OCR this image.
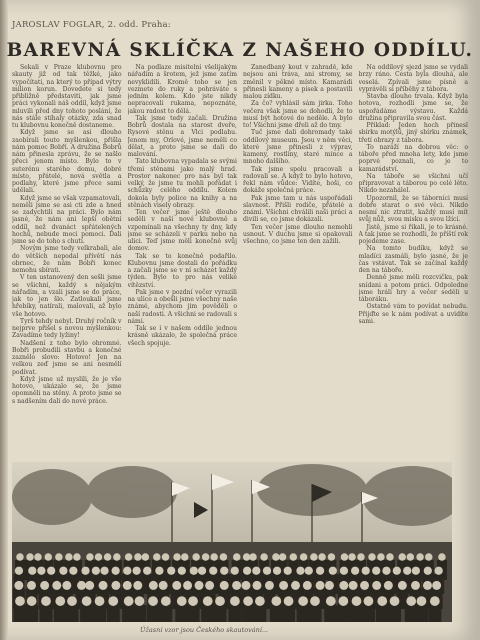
JAROSLAV FOGLAR, 2. odd. Praha:
BAREVNÁ SKLÍČKA Z NAŠEHO ODDÍLU.

Sekali v Praze klubovnu pro skauty již od tak těžké, jako vypočítati, na který to případ výtry milion korun. Dovedete si tedy přibližně představiti, jak jsme práci vykonali náš oddíl, když jsme mluvili před dny tohoto poslání, že nás stále stíhaly otázky, zda snad tu klubovnu konečně dostaneme.

Když jsme se asi dlouho zaobírali touto myšlenkou, přišla nám pomoc Bobří. A družina Bobrů nám přinesla zprávu, že se našlo přeci jenom místo. Bylo to v suterénu starého domu, dobré místo, přátelé, nová světla a podlahy, které jsme přece sami udělali.

Když jsme se však vzpamatovali, neměli jsme se asi cti zde a hned se zadychtili na práci. Bylo nám jasné, že nám ani lepší obětní oddíl, než dvanáct spřátelených hochů, nebude moci pomoci. Dali jsme se do toho s chutí.

Novým jsme tedy velkrabali, ale do větších nepodal přívětí nás obrnec, že nám Bobři konec nemohu sbírati.

V ten ustanovený den sešli jsme se všichni, každý s nějakým nářadím, a vzali jsme se do práce, jak to jen šlo. Zatloukali jsme hřebíky, natírali, malovali, až bylo vše hotovo.

Tyrš tehdy nebyl. Druhý ročník v nejprve přišel s novou myšlenkou: Zavadíme tedy lyžiny!

Nadšení z toho bylo ohromné. Bobři probudili stavbu a konečné zaznělo slovo: Hotovo! Jen na velkou zeď jsme se ani nesmělí podívat.

Když jsme už myslili, že je vše hotovo, ukázalo se, že jsme opomněli na stěny. A proto jsme se s nadšením dali do nové práce.

Na podlaze mísitelní všelijakým nářadím a šrotem, jež jsme zatím nevyklidili. Kromě toho se jen vezmete do ruky a pohráváte s jedním kolem. Kdo jste nikdy nepracovali rukama, nepoznáte, jakou radost to dělá.

Tak jsme tedy začali. Družina Bobrů dostala na starost dveře, Rysové stěnu a Vlci podlahu. Jenom my, Orlové, jsme neměli co dělat, a proto jsme se dali do malování.

Tato klubovna vypadala se svými třemi stěnami jako malý hrad. Prostor nakonec pro nás byl tak velký, že jsme tu mohli pořádat i schůzky celého oddílu. Kolem dokola byly police na knihy a na stěnách visely obrazy.

Ten večer jsme ještě dlouho seděli v naší nové klubovně a vzpomínali na všechny ty dny, kdy jsme se scházeli v parku nebo na ulici. Teď jsme měli konečně svůj domov.

Tak se to konečně podařilo. Klubovnu jsme dostali do pořádku a začali jsme se v ní scházet každý týden. Bylo to pro nás veliké vítězství.

Pak jsme v pozdní večer vyrazili na ulice a obešli jsme všechny naše známé, abychom jim pověděli o naší radosti. A všichni se radovali s námi.

Tak se i v našem oddíle jednou krásně ukázalo, že společná práce všech spojuje.

Zanedbaný kout v zahradě, kde nejsou ani tráva, ani stromy, se změnil v pěkné místo. Kamarádi přinesli kameny a písek a postavili malou zídku.

Za čo? vyhlásil sám jirka. Toho večera však jsme se dohodli, že to musí být hotové do neděle. A bylo to! Všichni jsme dřeli až do tmy.

Tuč jsme dali dohromady také oddílový museum. Jsou v něm věci, které jsme přinesli z výprav, kameny, rostliny, staré mince a mnoho dalšího.

Tak jsme spolu pracovali a radovali se. A když to bylo hotovo, řekl nám vůdce: Vidíte, hoši, co dokáže společná práce.

Pak jsme tam u nás uspořádali slavnost. Přišli rodiče, přátelé a známí. Všichni chválili naši práci a divili se, co jsme dokázali.

Ten večer jsme dlouho nemohli usnout. V duchu jsme si opakovali všechno, co jsme ten den zažili.

Na oddílový sjezd jsme se vydali brzy ráno. Cesta byla dlouhá, ale veselá. Zpívali jsme písně a vyprávěli si příběhy z tábora.

Stavba dlouho trvala. Když byla hotova, rozhodli jsme se, že uspořádáme výstavu. Každá družina připravila svou část.

Přiklad: Jeden hoch přinesl sbírku motýlů, jiný sbírku známek, třetí obrazy z tábora.

To naráží na dobrou věc: o táboře před mnoha lety, kde jsme poprvé poznali, co je to kamarádství.

Na táboře se všichni učí připravovat a táborou po celé léto. Nikdo nezahálel.

Upozornil, že se táborníci musí dobře starat o své věci. Nikdo nesmí nic ztratit, každý musí mít svůj nůž, svou misku a svou lžíci.

Jistě, jsme si říkali, je to krásné. A tak jsme se rozhodli, že příští rok pojedeme zase.

Na tomto budíku, když se mladíci zasmáli, bylo jasné, že je čas vstávat. Tak se začínal každý den na táboře.

Denně jsme měli rozcvičku, pak snídani a potom práci. Odpoledne jsme hráli hry a večer seděli u táboráku.

Ostatně vám to povídat nebudu. Přijďte se k nám podívat a uvidíte sami.

Úžasní vzor jsou Českého skautování...
